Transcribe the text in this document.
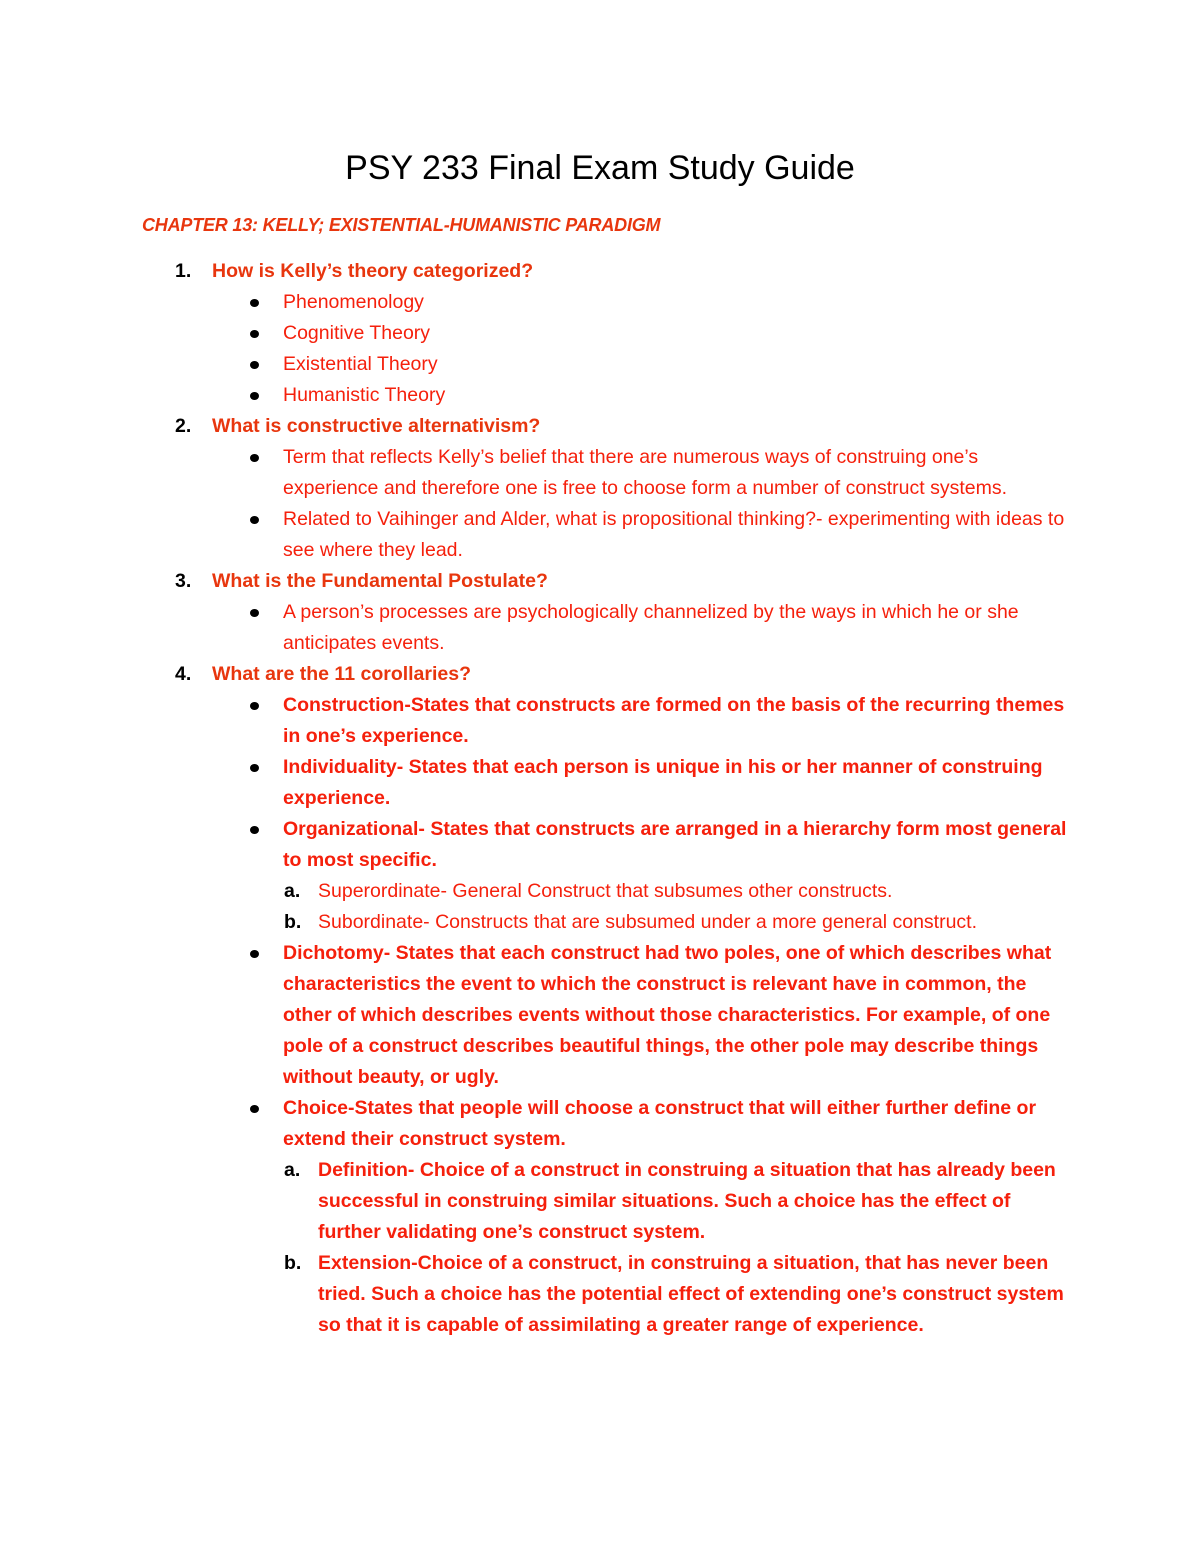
PSY 233 Final Exam Study Guide

CHAPTER 13: KELLY; EXISTENTIAL-HUMANISTIC PARADIGM

1. How is Kelly’s theory categorized?
Phenomenology
Cognitive Theory
Existential Theory
Humanistic Theory
2. What is constructive alternativism?
Term that reflects Kelly’s belief that there are numerous ways of construing one’s experience and therefore one is free to choose form a number of construct systems.
Related to Vaihinger and Alder, what is propositional thinking?- experimenting with ideas to see where they lead.
3. What is the Fundamental Postulate?
A person’s processes are psychologically channelized by the ways in which he or she anticipates events.
4. What are the 11 corollaries?
Construction-States that constructs are formed on the basis of the recurring themes in one’s experience.
Individuality- States that each person is unique in his or her manner of construing experience.
Organizational- States that constructs are arranged in a hierarchy form most general to most specific.
a. Superordinate- General Construct that subsumes other constructs.
b. Subordinate- Constructs that are subsumed under a more general construct.
Dichotomy- States that each construct had two poles, one of which describes what characteristics the event to which the construct is relevant have in common, the other of which describes events without those characteristics. For example, of one pole of a construct describes beautiful things, the other pole may describe things without beauty, or ugly.
Choice-States that people will choose a construct that will either further define or extend their construct system.
a. Definition- Choice of a construct in construing a situation that has already been successful in construing similar situations. Such a choice has the effect of further validating one’s construct system.
b. Extension-Choice of a construct, in construing a situation, that has never been tried. Such a choice has the potential effect of extending one’s construct system so that it is capable of assimilating a greater range of experience.
